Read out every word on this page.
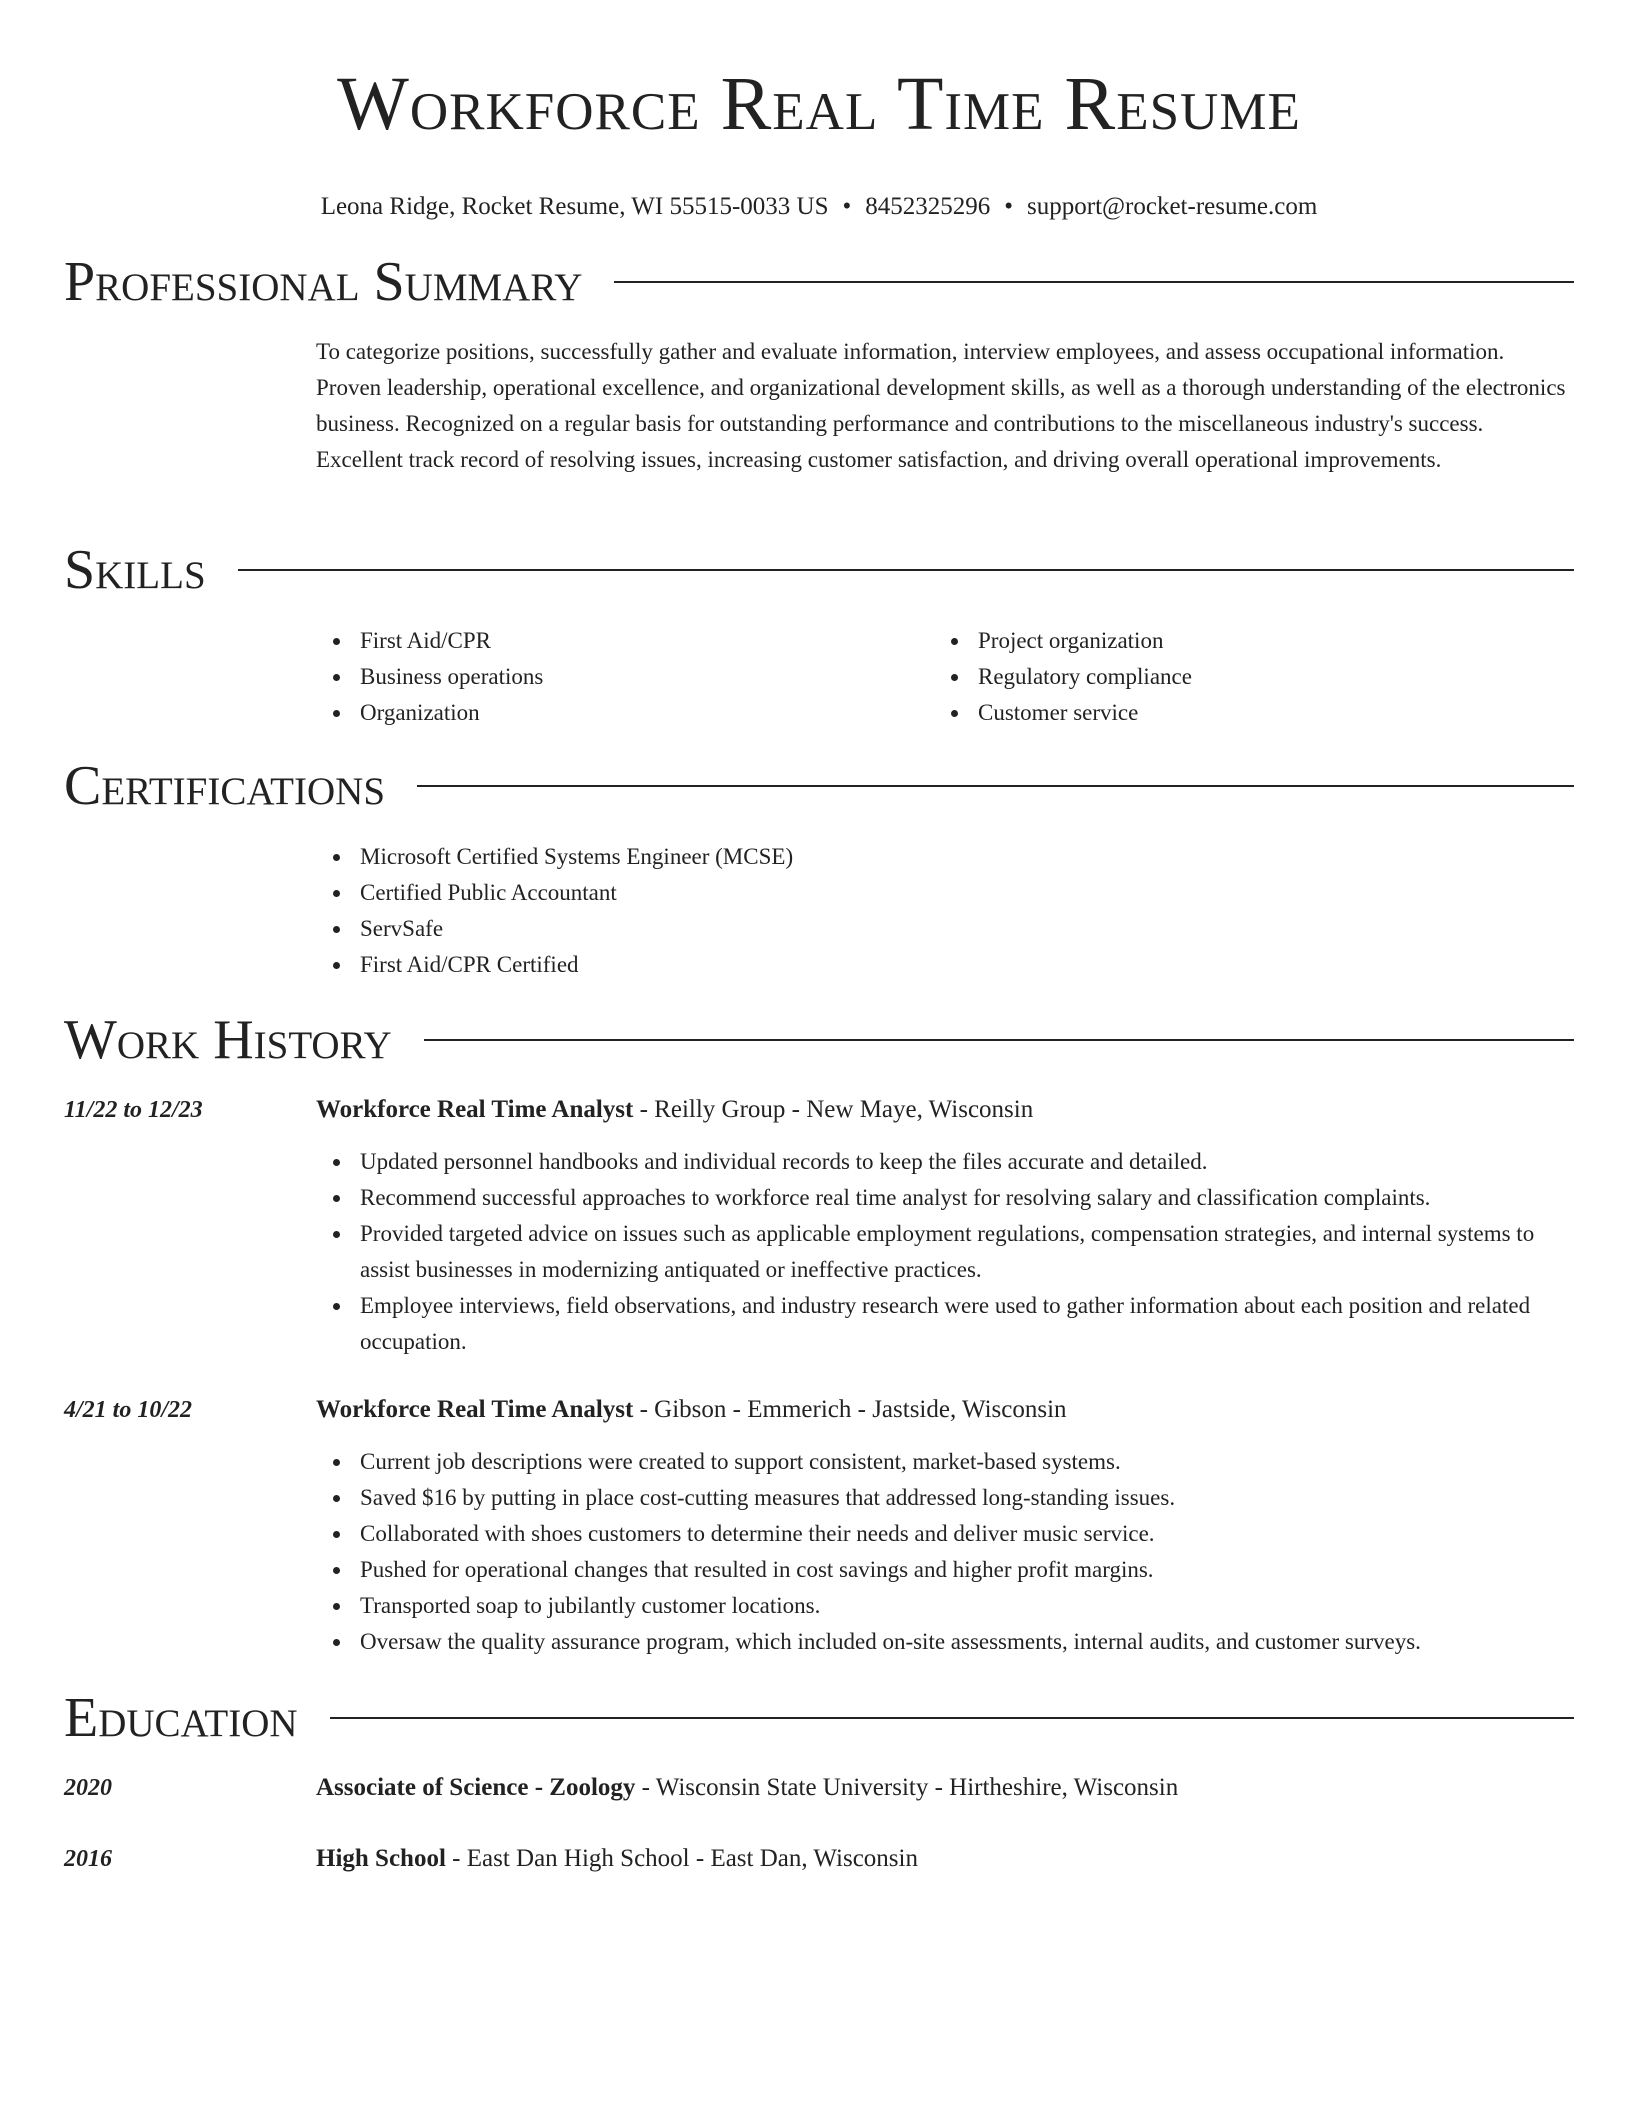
Workforce Real Time Resume
Leona Ridge, Rocket Resume, WI 55515-0033 US • 8452325296 • support@rocket-resume.com
Professional Summary

To categorize positions, successfully gather and evaluate information, interview employees, and assess occupational information. Proven leadership, operational excellence, and organizational development skills, as well as a thorough understanding of the electronics business. Recognized on a regular basis for outstanding performance and contributions to the miscellaneous industry's success. Excellent track record of resolving issues, increasing customer satisfaction, and driving overall operational improvements.

Skills
First Aid/CPR
Business operations
Organization
Project organization
Regulatory compliance
Customer service
Certifications
Microsoft Certified Systems Engineer (MCSE)
Certified Public Accountant
ServSafe
First Aid/CPR Certified
Work History
11/22 to 12/23	Workforce Real Time Analyst - Reilly Group - New Maye, Wisconsin
Updated personnel handbooks and individual records to keep the files accurate and detailed.
Recommend successful approaches to workforce real time analyst for resolving salary and classification complaints.
Provided targeted advice on issues such as applicable employment regulations, compensation strategies, and internal systems to assist businesses in modernizing antiquated or ineffective practices.
Employee interviews, field observations, and industry research were used to gather information about each position and related occupation.
4/21 to 10/22	Workforce Real Time Analyst - Gibson - Emmerich - Jastside, Wisconsin
Current job descriptions were created to support consistent, market-based systems.
Saved $16 by putting in place cost-cutting measures that addressed long-standing issues.
Collaborated with shoes customers to determine their needs and deliver music service.
Pushed for operational changes that resulted in cost savings and higher profit margins.
Transported soap to jubilantly customer locations.
Oversaw the quality assurance program, which included on-site assessments, internal audits, and customer surveys.
Education
2020	Associate of Science - Zoology - Wisconsin State University - Hirtheshire, Wisconsin
2016	High School - East Dan High School - East Dan, Wisconsin
